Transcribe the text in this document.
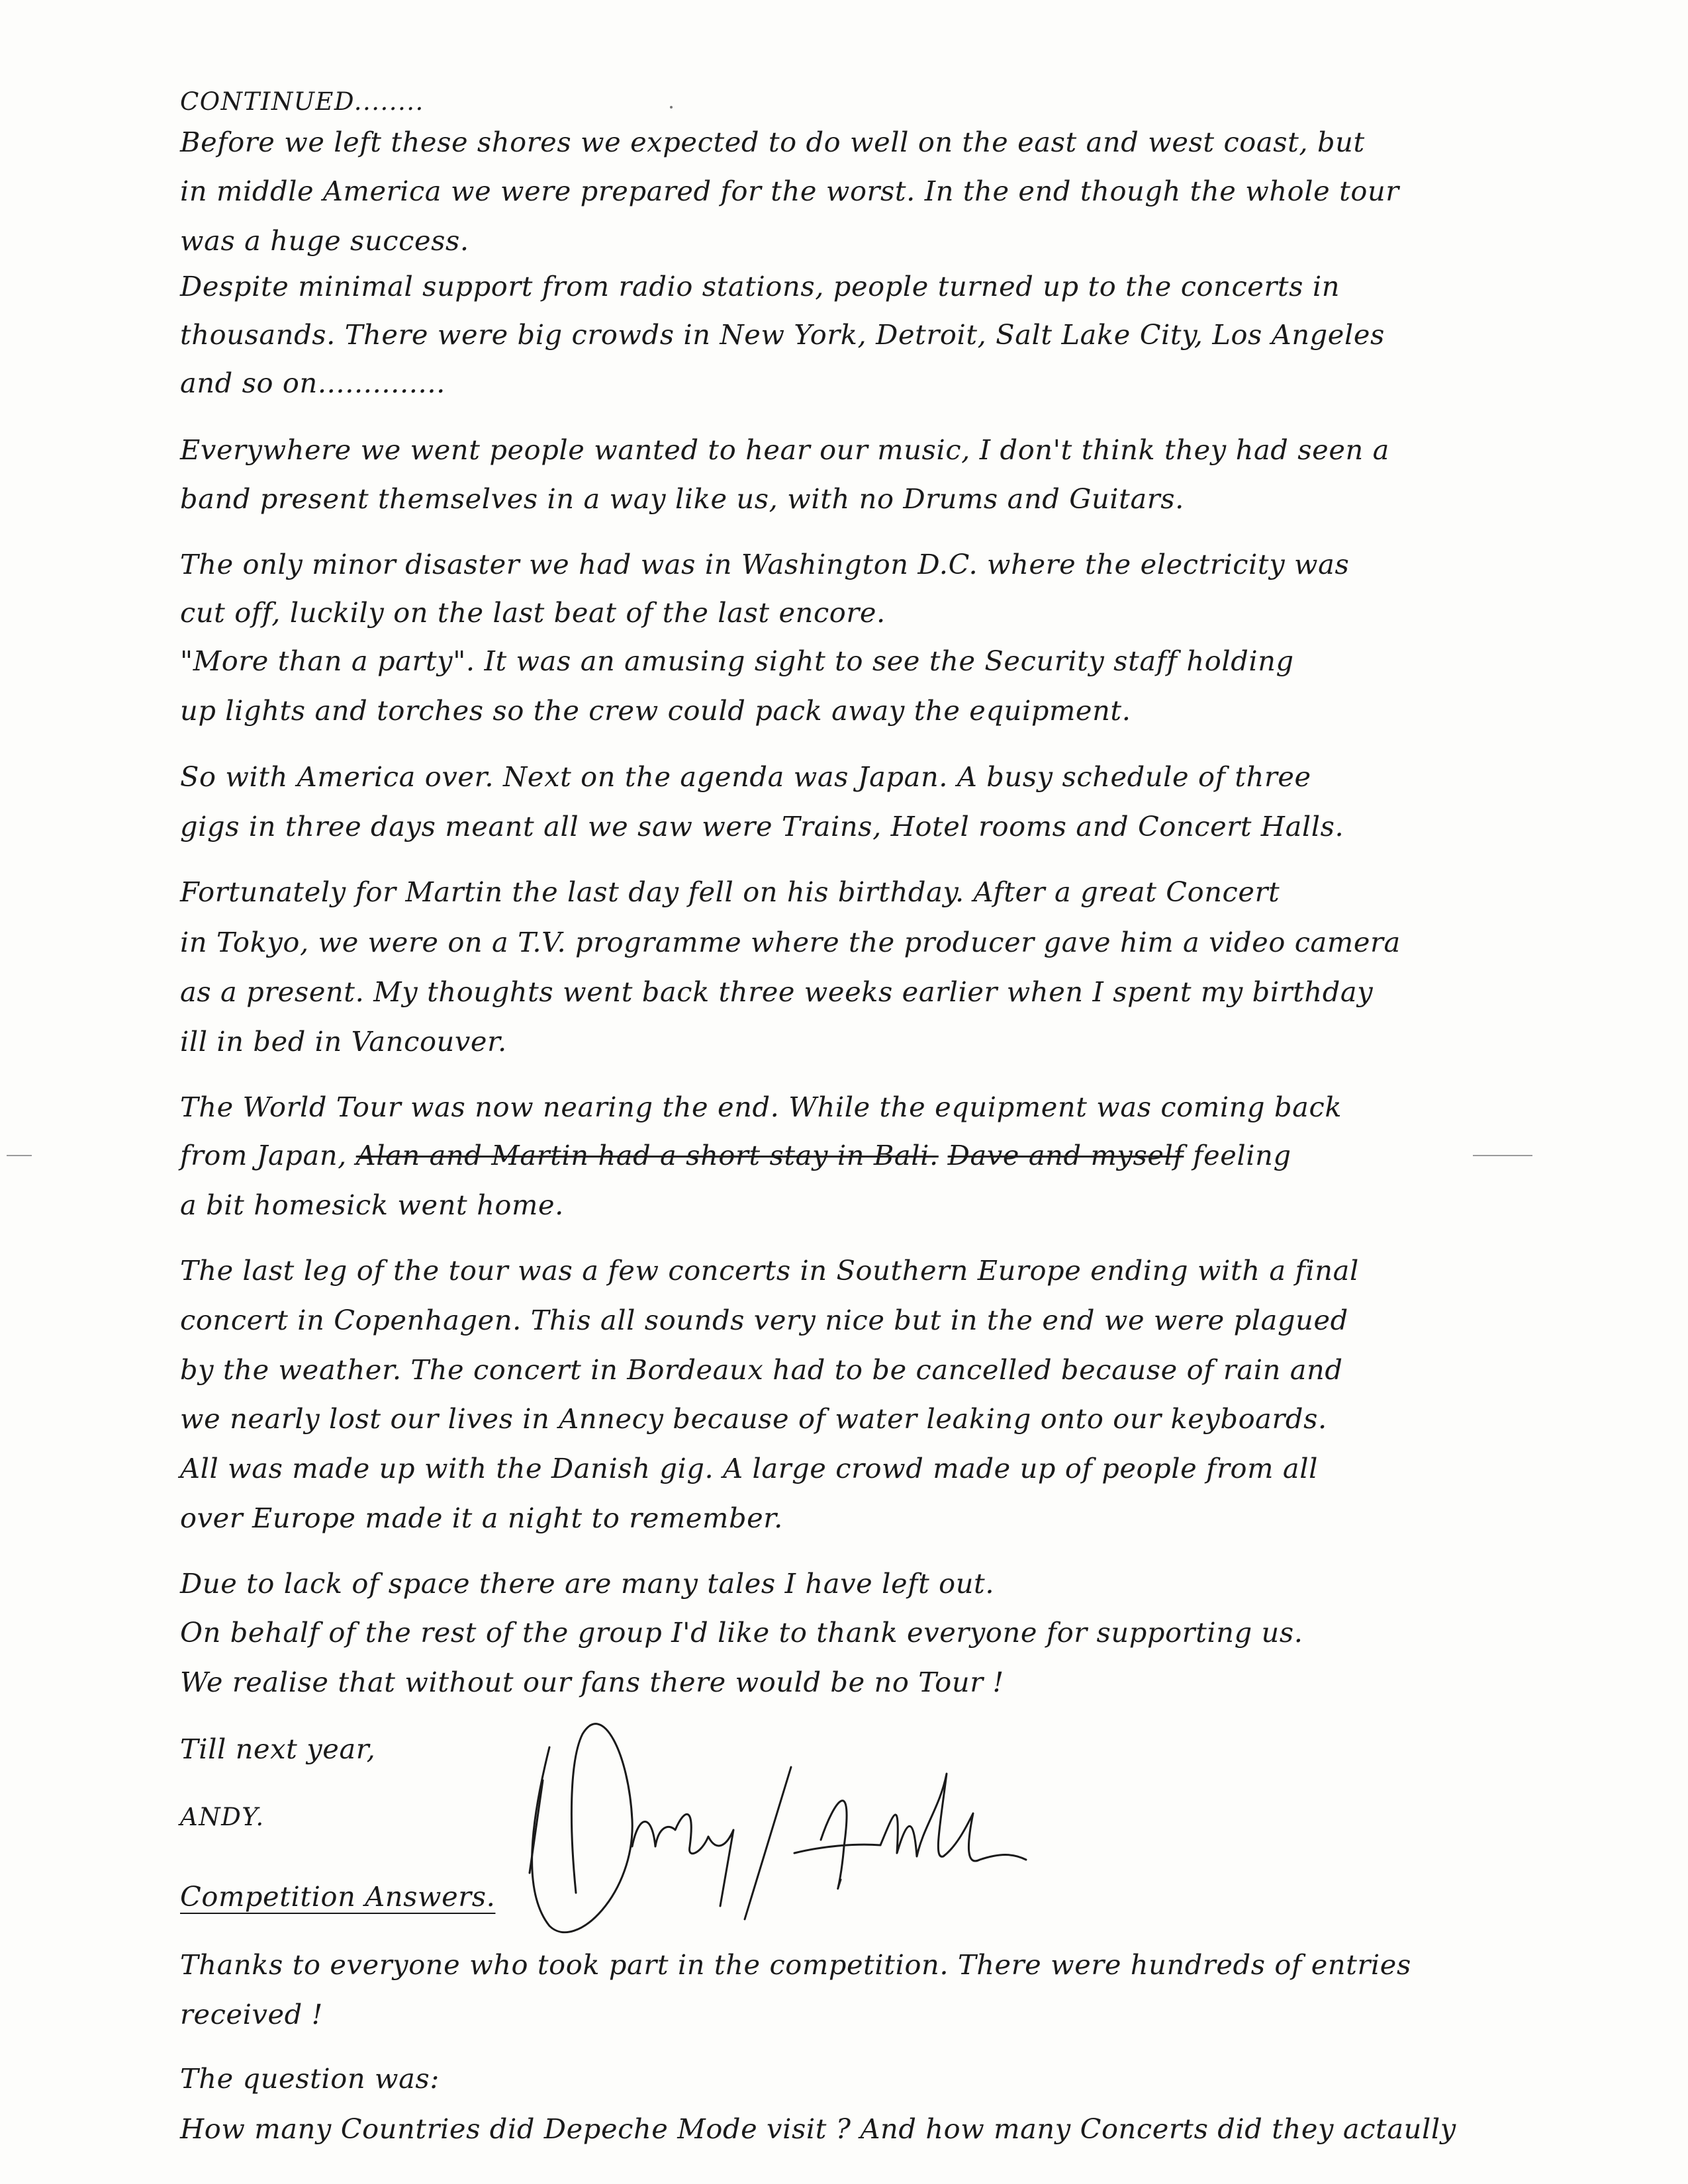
CONTINUED........

Before we left these shores we expected to do well on the east and west coast, but

in middle America we were prepared for the worst. In the end though the whole tour

was a huge success.

Despite minimal support from radio stations, people turned up to the concerts in

thousands. There were big crowds in New York, Detroit, Salt Lake City, Los Angeles

and so on..............

Everywhere we went people wanted to hear our music, I don't think they had seen a

band present themselves in a way like us, with no Drums and Guitars.

The only minor disaster we had was in Washington D.C. where the electricity was

cut off, luckily on the last beat of the last encore.

"More than a party". It was an amusing sight to see the Security staff holding

up lights and torches so the crew could pack away the equipment.

So with America over. Next on the agenda was Japan. A busy schedule of three

gigs in three days meant all we saw were Trains, Hotel rooms and Concert Halls.

Fortunately for Martin the last day fell on his birthday. After a great Concert

in Tokyo, we were on a T.V. programme where the producer gave him a video camera

as a present. My thoughts went back three weeks earlier when I spent my birthday

ill in bed in Vancouver.

The World Tour was now nearing the end. While the equipment was coming back

from Japan, Alan and Martin had a short stay in Bali. Dave and myself feeling

a bit homesick went home.

The last leg of the tour was a few concerts in Southern Europe ending with a final

concert in Copenhagen. This all sounds very nice but in the end we were plagued

by the weather. The concert in Bordeaux had to be cancelled because of rain and

we nearly lost our lives in Annecy because of water leaking onto our keyboards.

All was made up with the Danish gig. A large crowd made up of people from all

over Europe made it a night to remember.

Due to lack of space there are many tales I have left out.

On behalf of the rest of the group I'd like to thank everyone for supporting us.

We realise that without our fans there would be no Tour !

Till next year,

ANDY.

Competition Answers.

Thanks to everyone who took part in the competition. There were hundreds of entries

received !

The question was:

How many Countries did Depeche Mode visit ? And how many Concerts did they actaully
